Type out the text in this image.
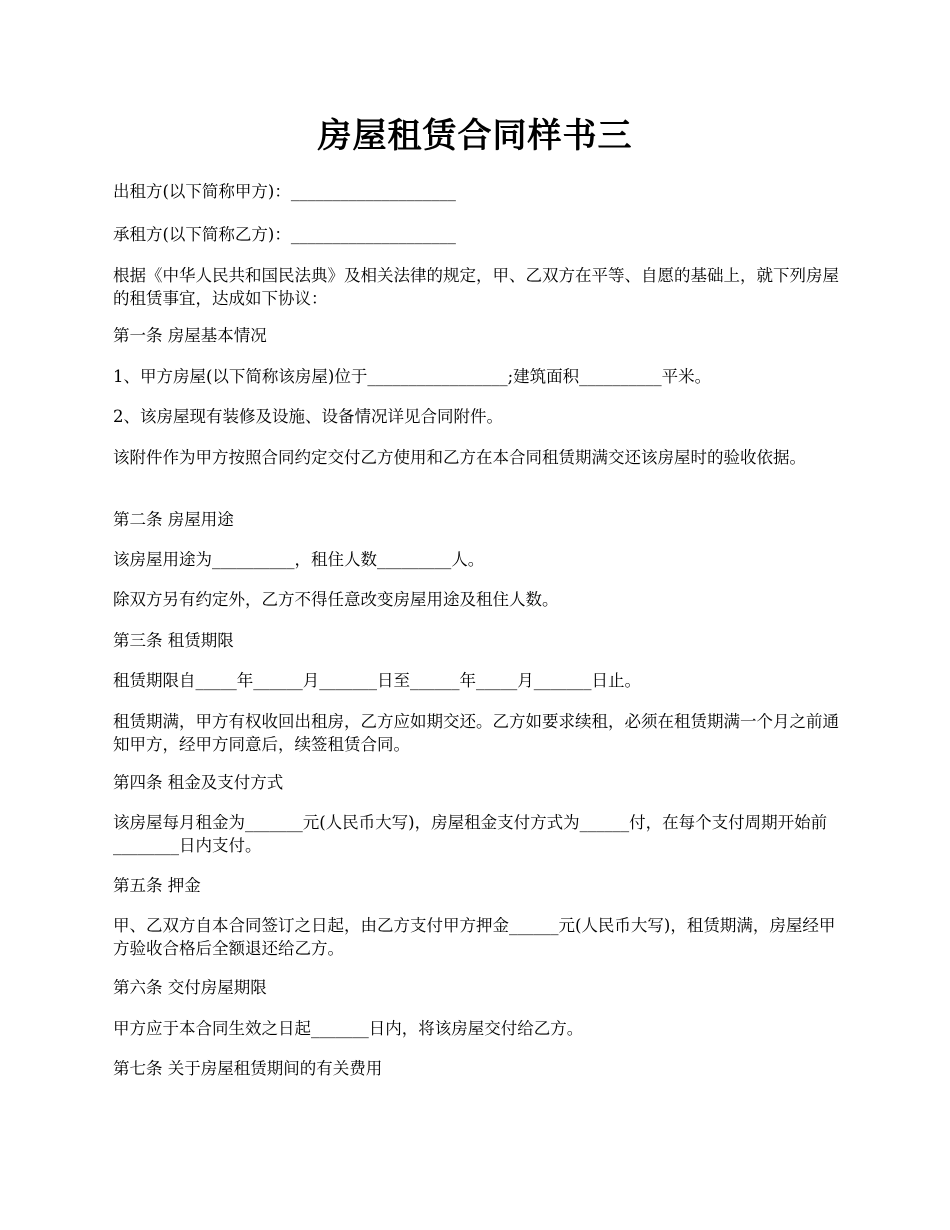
房屋租赁合同样书三

出租方(以下简称甲方)：____________________

承租方(以下简称乙方)：____________________

根据《中华人民共和国民法典》及相关法律的规定，甲、乙双方在平等、自愿的基础上，就下列房屋的租赁事宜，达成如下协议：

第一条 房屋基本情况

1、甲方房屋(以下简称该房屋)位于_________________;建筑面积__________平米。

2、该房屋现有装修及设施、设备情况详见合同附件。

该附件作为甲方按照合同约定交付乙方使用和乙方在本合同租赁期满交还该房屋时的验收依据。

第二条 房屋用途

该房屋用途为__________，租住人数_________人。

除双方另有约定外，乙方不得任意改变房屋用途及租住人数。

第三条 租赁期限

租赁期限自_____年______月_______日至______年_____月_______日止。

租赁期满，甲方有权收回出租房，乙方应如期交还。乙方如要求续租，必须在租赁期满一个月之前通知甲方，经甲方同意后，续签租赁合同。

第四条 租金及支付方式

该房屋每月租金为_______元(人民币大写)，房屋租金支付方式为______付，在每个支付周期开始前________日内支付。

第五条 押金

甲、乙双方自本合同签订之日起，由乙方支付甲方押金______元(人民币大写)，租赁期满，房屋经甲方验收合格后全额退还给乙方。

第六条 交付房屋期限

甲方应于本合同生效之日起_______日内，将该房屋交付给乙方。

第七条 关于房屋租赁期间的有关费用
